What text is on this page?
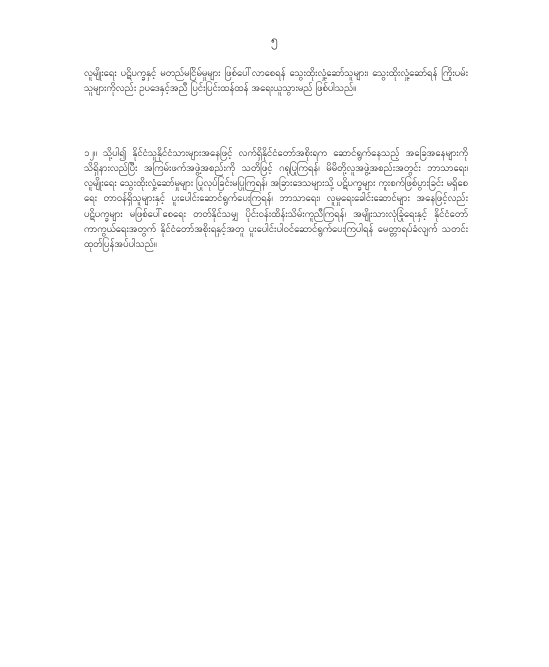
၅

လူမျိုးရေး ပဋိပက္ခနှင့် မတည်မငြိမ်မှုများ ဖြစ်ပေါ်လာစေရန် သွေးထိုးလှုံ့ဆော်သူများ၊ သွေးထိုးလှုံ့ဆော်ရန် ကြိုးပမ်းသူများကိုလည်း ဥပဒေနှင့်အညီ ပြင်းပြင်းထန်ထန် အရေးယူသွားမည် ဖြစ်ပါသည်။

၁၂။ သို့ပါ၍ နိုင်ငံသူနိုင်ငံသားများအနေဖြင့် လက်ရှိနိုင်ငံတော်အစိုးရက ဆောင်ရွက်နေသည့် အခြေအနေများကို သိရှိနားလည်ပြီး အကြမ်းဖက်အဖွဲ့အစည်းကို သတိဖြင့် ဂရုပြုကြရန်၊ မိမိတို့လူအဖွဲ့အစည်းအတွင်း ဘာသာရေး၊ လူမျိုးရေး သွေးထိုးလှုံ့ဆော်မှုများ ပြုလုပ်ခြင်းမပြုကြရန်၊ အခြားဒေသများသို့ ပဋိပက္ခများ ကူးစက်ဖြစ်ပွားခြင်း မရှိစေရေး တာဝန်ရှိသူများနှင့် ပူးပေါင်းဆောင်ရွက်ပေးကြရန်၊ ဘာသာရေး၊ လူမှုရေးခေါင်းဆောင်များ အနေဖြင့်လည်း ပဋိပက္ခများ မဖြစ်ပေါ်စေရေး တတ်နိုင်သမျှ ပိုင်းဝန်းထိန်းသိမ်းကူညီကြရန်၊ အမျိုးသားလုံခြုံရေးနှင့် နိုင်ငံတော်ကာကွယ်ရေးအတွက် နိုင်ငံတော်အစိုးရနှင့်အတူ ပူးပေါင်းပါဝင်ဆောင်ရွက်ပေးကြပါရန် မေတ္တာရပ်ခံလျက် သတင်းထုတ်ပြန်အပ်ပါသည်။
